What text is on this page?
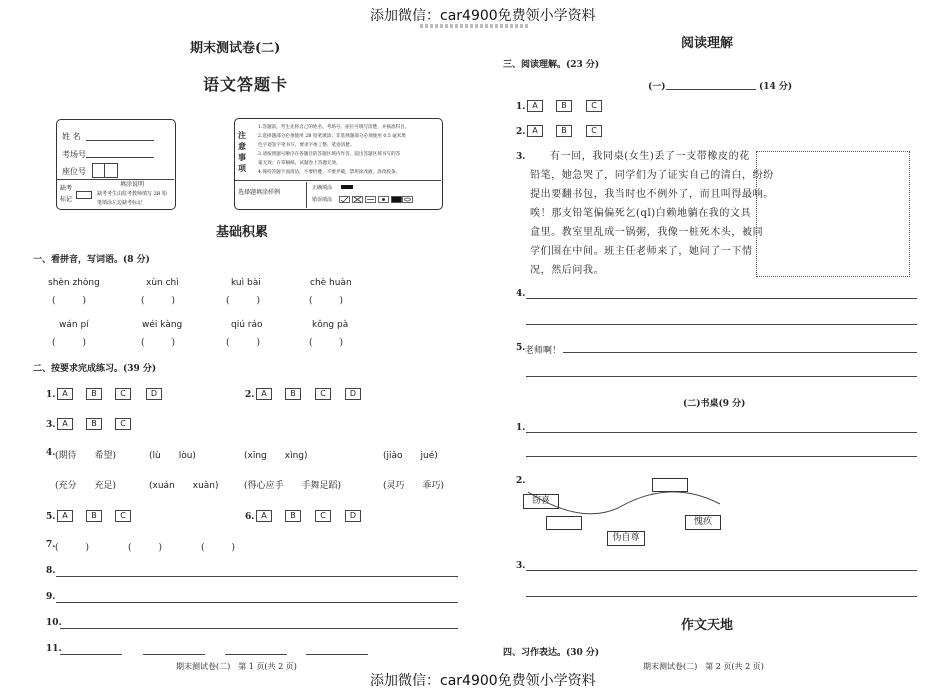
添加微信：car4900免费领小学资料
添加微信：car4900免费领小学资料
期末测试卷(二)
语文答题卡
姓 名
考场号
座位号
缺考
标记
填涂说明
缺考考生由监考教师填写 2B 铅
笔填涂左边缺考标记
注意事项
1.答题前，考生先将自己的姓名、考场号、座位号填写清楚，并核准科目。
2.选择题部分必须使用 2B 铅笔填涂；非选择题部分必须使用 0.5 毫米黑
色字迹签字笔书写，要求字体工整、笔迹清楚。
3.请按照题号顺序在各题目的答题区域内作答，超出答题区域书写的答
案无效；在草稿纸、试题卷上答题无效。
4.保持答题卡面清洁，不要折叠，不要弄破，禁用涂改液，涂改胶条。
选择题填涂样例
正确填涂
错误填涂
基础积累
一、看拼音，写词语。(8 分)
shèn zhòng	xùn chì	kuì bài	chè huàn
(　　　)	(　　　)	(　　　)	(　　　)
wán pí	wéi kàng	qiú ráo	kǒng pà
(　　　)	(　　　)	(　　　)	(　　　)
二、按要求完成练习。(39 分)
1. A	B	C	D	2. A	B	C	D
3. A	B	C
4. (期待　　希望)	(lù　　lòu)	(xīng　　xìng)	(jiǎo　　jué)
(充分　　充足)	(xuán　　xuàn)	(得心应手　　手舞足蹈)	(灵巧　　乖巧)
5. A	B	C	6. A	B	C	D
7. (　　　)	(　　　)	(　　　)
8.
9.
10.
11.
期末测试卷(二)　第 1 页(共 2 页)
阅读理解
三、阅读理解。(23 分)
(一)	(14 分)
1. A	B	C
2. A	B	C
3. 有一回，我同桌(女生)丢了一支带橡皮的花
铅笔，她急哭了，同学们为了证实自己的清白，纷纷
提出要翻书包，我当时也不例外了，而且叫得最响。
唉！那支铅笔偏偏死乞(qǐ)白赖地躺在我的文具
盒里。教室里乱成一锅粥，我像一桩死木头，被同
学们围在中间。班主任老师来了，她问了一下情
况，然后问我。
4.
5. 老师啊！
(二)书桌(9 分)
1.
2.
窃喜
伪自尊
愧疚
3.
作文天地
四、习作表达。(30 分)
期末测试卷(二)　第 2 页(共 2 页)
